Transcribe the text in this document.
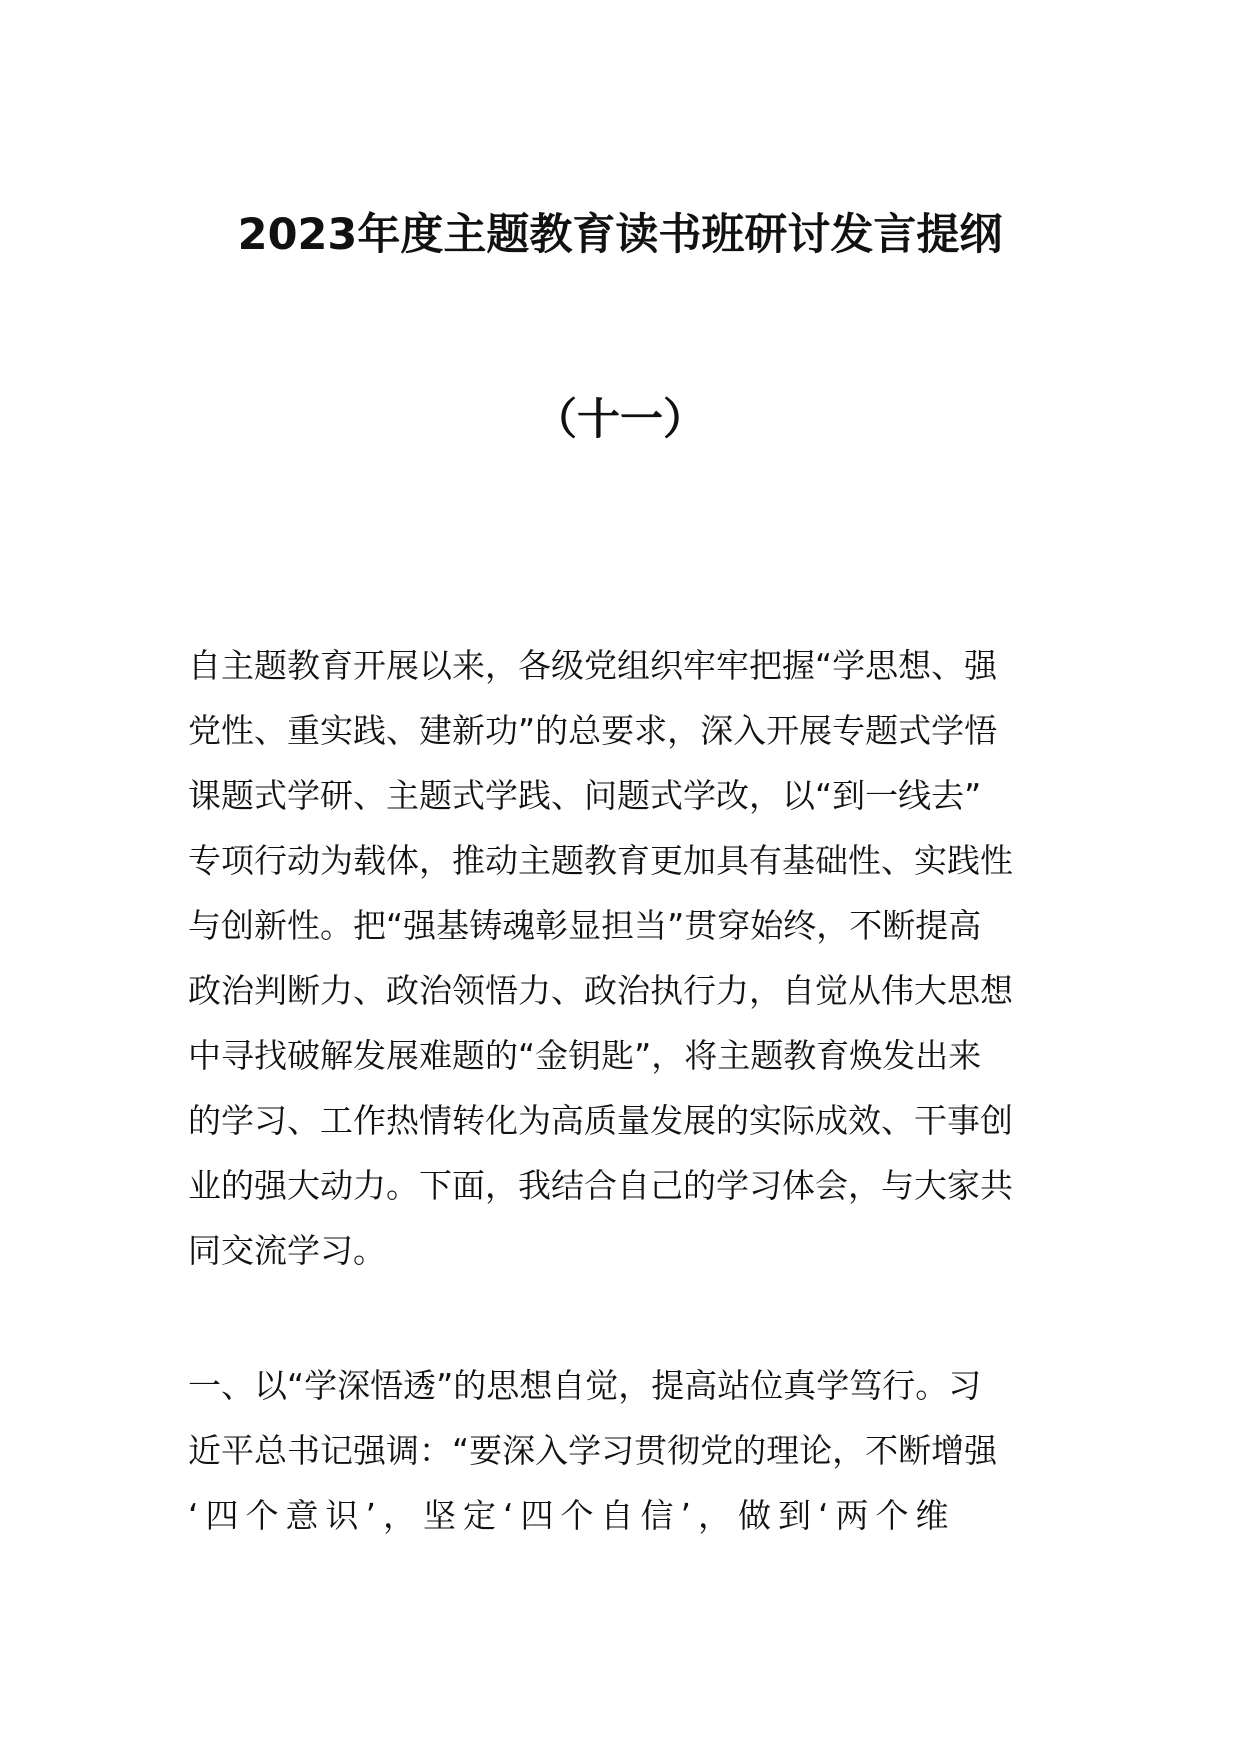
2023年度主题教育读书班研讨发言提纲
（十一）
自主题教育开展以来，各级党组织牢牢把握“学思想、强
党性、重实践、建新功”的总要求，深入开展专题式学悟
课题式学研、主题式学践、问题式学改，以“到一线去”
专项行动为载体，推动主题教育更加具有基础性、实践性
与创新性。把“强基铸魂彰显担当”贯穿始终，不断提高
政治判断力、政治领悟力、政治执行力，自觉从伟大思想
中寻找破解发展难题的“金钥匙”，将主题教育焕发出来
的学习、工作热情转化为高质量发展的实际成效、干事创
业的强大动力。下面，我结合自己的学习体会，与大家共
同交流学习。
一、以“学深悟透”的思想自觉，提高站位真学笃行。习
近平总书记强调：“要深入学习贯彻党的理论，不断增强
‘四个意识’，坚定‘四个自信’，做到‘两个维
